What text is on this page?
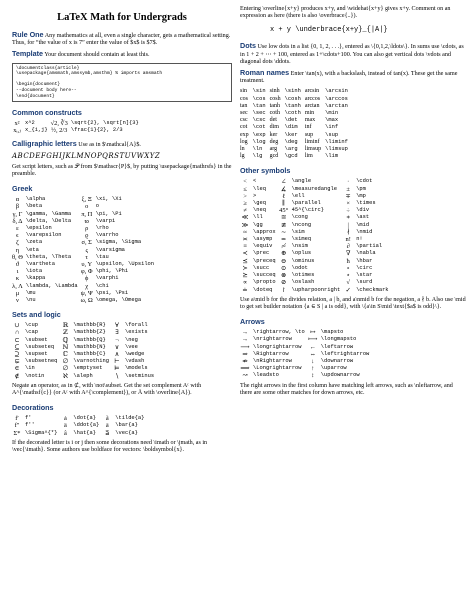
LaTeX Math for Undergrads
Rule One Any mathematics at all, even a single character, gets a mathematical setting. Thus, for “the value of x is 7” enter the value of $x$ is $7$.
Template Your document should contain at least this.
\documentclass{article}
\usepackage{amsmath,amssymb,amsthm} % imports amsmath

\begin{document}
--document body here--
\end{document}
Common constructs
x²	x^2	√2, ∛3	\sqrt{2}, \sqrt[n]{3}
xᵢ,ⱼ	x_{i,j}	½, 2/3	\frac{1}{2}, 2/3
Calligraphic letters Use as in $\mathcal{A}$.
ABCDEFGHIJKLMNOPQRSTUVWXYZ
Get script letters, such as 𝒫 from $\mathscr{P}$, by putting \usepackage{mathrsfs} in the preamble.
Greek
α	\alpha	ξ, Ξ	\xi, \Xi
β	\beta	o	o
γ, Γ	\gamma, \Gamma	π, Π	\pi, \Pi
δ, Δ	\delta, \Delta	ϖ	\varpi
ε	\epsilon	ρ	\rho
ϵ	\varepsilon	ϱ	\varrho
ζ	\zeta	σ, Σ	\sigma, \Sigma
η	\eta	ς	\varsigma
θ, Θ	\theta, \Theta	τ	\tau
ϑ	\vartheta	υ, Υ	\upsilon, \Upsilon
ι	\iota	φ, Φ	\phi, \Phi
κ	\kappa	ϕ	\varphi
λ, Λ	\lambda, \Lambda	χ	\chi
μ	\mu	ψ, Ψ	\psi, \Psi
ν	\nu	ω, Ω	\omega, \Omega
Sets and logic
∪	\cup	ℝ	\mathbb{R}	∀	\forall
∩	\cap	ℤ	\mathbb{Z}	∃	\exists
⊂	\subset	ℚ	\mathbb{Q}	¬	\neg
⊆	\subseteq	ℕ	\mathbb{N}	∨	\vee
⊇	\supset	ℂ	\mathbb{C}	∧	\wedge
⊊	\subsetneq	∅	\varnothing	⊢	\vdash
∈	\in	∅	\emptyset	⊨	\models
∉	\notin	ℵ	\aleph	∖	\setminus
Negate an operator, as in ⊄, with \not\subset. Get the set complement Aᶜ with A^{\mathsf{c}} (or Aᶜ with A^{\complement}), or Ā with \overline{A}).
Decorations
f′	f'	ȧ	\dot{a}	ã	\tilde{a}
f″	f''	ä	\ddot{a}	ā	\bar{a}
Σ*	\Sigma^{*}	â	\hat{a}	a⃗	\vec{a}
If the decorated letter is i or j then some decorations need \imath or \jmath, as in \vec{\imath}. Some authors use boldface for vectors: \boldsymbol{x}.
Entering \overline{x+y} produces x+y, and \widehat{x+y} gives x+y. Comment on an expression as here (there is also \overbrace{..}).
x + y \underbrace{x+y}_{|A|}
Dots Use low dots in a list {0, 1, 2, . . .}, entered as \{0,1,2,\ldots\}. In sums use \cdots, as in 1 + 2 + ⋯ + 100, entered as 1+\cdots+100. You can also get vertical dots \vdots and diagonal dots \ddots.
Roman names Enter \tan(x), with a backslash, instead of tan(x). These get the same treatment.
sin	\sin	sinh	\sinh	arcsin	\arcsin
cos	\cos	cosh	\cosh	arccos	\arccos
tan	\tan	tanh	\tanh	arctan	\arctan
sec	\sec	coth	\coth	min	\min
csc	\csc	det	\det	max	\max
cot	\cot	dim	\dim	inf	\inf
exp	\exp	ker	\ker	sup	\sup
log	\log	deg	\deg	liminf	\liminf
ln	\ln	arg	\arg	limsup	\limsup
lg	\lg	gcd	\gcd	lim	\lim
Other symbols
<	<	∠	\angle	·	\cdot
≤	\leq	∡	\measuredangle	±	\pm
>	>	ℓ	\ell	∓	\mp
≥	\geq	∥	\parallel	×	\times
≠	\neq	45°	45^{\circ}	÷	\div
≪	\ll	≅	\cong	∗	\ast
≫	\gg	≇	\ncong	|	\mid
≈	\approx	∼	\sim	∤	\nmid
≍	\asymp	≃	\simeq	n!	n!
≡	\equiv	≁	\nsim	∂	\partial
≺	\prec	⊕	\oplus	∇	\nabla
⪯	\preceq	⊖	\ominus	ħ	\hbar
≻	\succ	⊙	\odot	∘	\circ
⪰	\succeq	⊗	\otimes	⋆	\star
∝	\propto	⊘	\oslash	√	\surd
≐	\doteq	↾	\upharpoonright	✓	\checkmark
Use a\mid b for the divides relation, a | b, and a\nmid b for the negation, a ∤ b. Also use \mid to get set builder notation {a ∈ S | a is odd}, with \{a\in S\mid \text{$a$ is odd}\}.
Arrows
→	\rightarrow, \to	↦	\mapsto
→	\nrightarrow	⟼	\longmapsto
⟶	\longrightarrow	←	\leftarrow
⇒	\Rightarrow	⇔	\leftrightarrow
⇏	\nRightarrow	↓	\downarrow
⟹	\Longrightarrow	↑	\uparrow
↝	\leadsto	↕	\updownarrow
The right arrows in the first column have matching left arrows, such as \nleftarrow, and there are some other matches for down arrows, etc.
